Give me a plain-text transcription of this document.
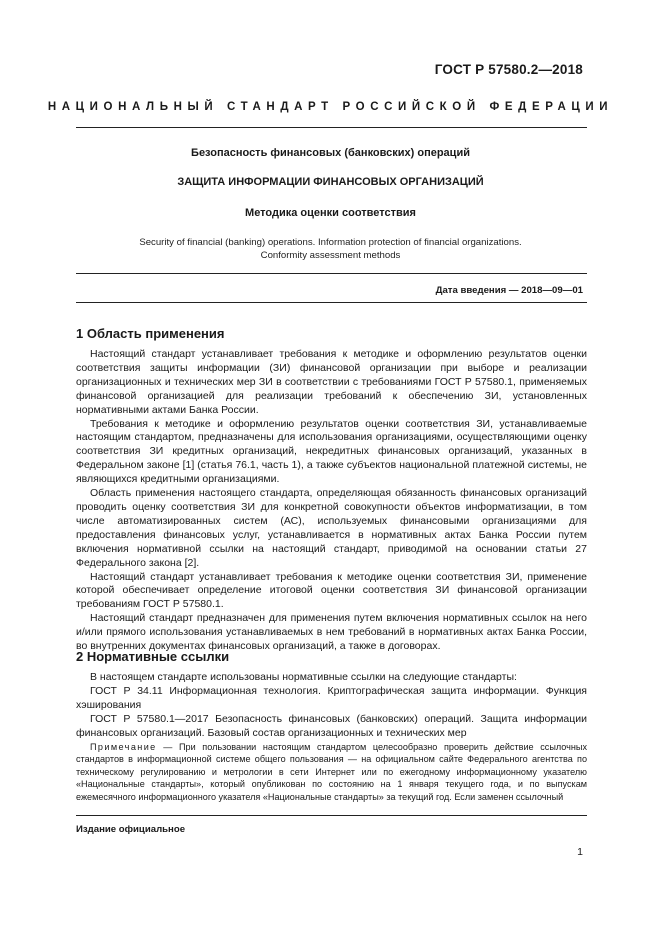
ГОСТ Р 57580.2—2018
НАЦИОНАЛЬНЫЙ СТАНДАРТ РОССИЙСКОЙ ФЕДЕРАЦИИ
Безопасность финансовых (банковских) операций
ЗАЩИТА ИНФОРМАЦИИ ФИНАНСОВЫХ ОРГАНИЗАЦИЙ
Методика оценки соответствия
Security of financial (banking) operations. Information protection of financial organizations.
Conformity assessment methods
Дата введения — 2018—09—01
1 Область применения

Настоящий стандарт устанавливает требования к методике и оформлению результатов оценки соответствия защиты информации (ЗИ) финансовой организации при выборе и реализации организационных и технических мер ЗИ в соответствии с требованиями ГОСТ Р 57580.1, применяемых финансовой организацией для реализации требований к обеспечению ЗИ, установленных нормативными актами Банка России.

Требования к методике и оформлению результатов оценки соответствия ЗИ, устанавливаемые настоящим стандартом, предназначены для использования организациями, осуществляющими оценку соответствия ЗИ кредитных организаций, некредитных финансовых организаций, указанных в Федеральном законе [1] (статья 76.1, часть 1), а также субъектов национальной платежной системы, не являющихся кредитными организациями.

Область применения настоящего стандарта, определяющая обязанность финансовых организаций проводить оценку соответствия ЗИ для конкретной совокупности объектов информатизации, в том числе автоматизированных систем (АС), используемых финансовыми организациями для предоставления финансовых услуг, устанавливается в нормативных актах Банка России путем включения нормативной ссылки на настоящий стандарт, приводимой на основании статьи 27 Федерального закона [2].

Настоящий стандарт устанавливает требования к методике оценки соответствия ЗИ, применение которой обеспечивает определение итоговой оценки соответствия ЗИ финансовой организации требованиям ГОСТ Р 57580.1.

Настоящий стандарт предназначен для применения путем включения нормативных ссылок на него и/или прямого использования устанавливаемых в нем требований в нормативных актах Банка России, во внутренних документах финансовых организаций, а также в договорах.

2 Нормативные ссылки

В настоящем стандарте использованы нормативные ссылки на следующие стандарты:

ГОСТ Р 34.11 Информационная технология. Криптографическая защита информации. Функция хэширования

ГОСТ Р 57580.1—2017 Безопасность финансовых (банковских) операций. Защита информации финансовых организаций. Базовый состав организационных и технических мер

Примечание — При пользовании настоящим стандартом целесообразно проверить действие ссылочных стандартов в информационной системе общего пользования — на официальном сайте Федерального агентства по техническому регулированию и метрологии в сети Интернет или по ежегодному информационному указателю «Национальные стандарты», который опубликован по состоянию на 1 января текущего года, и по выпускам ежемесячного информационного указателя «Национальные стандарты» за текущий год. Если заменен ссылочный

Издание официальное
1
